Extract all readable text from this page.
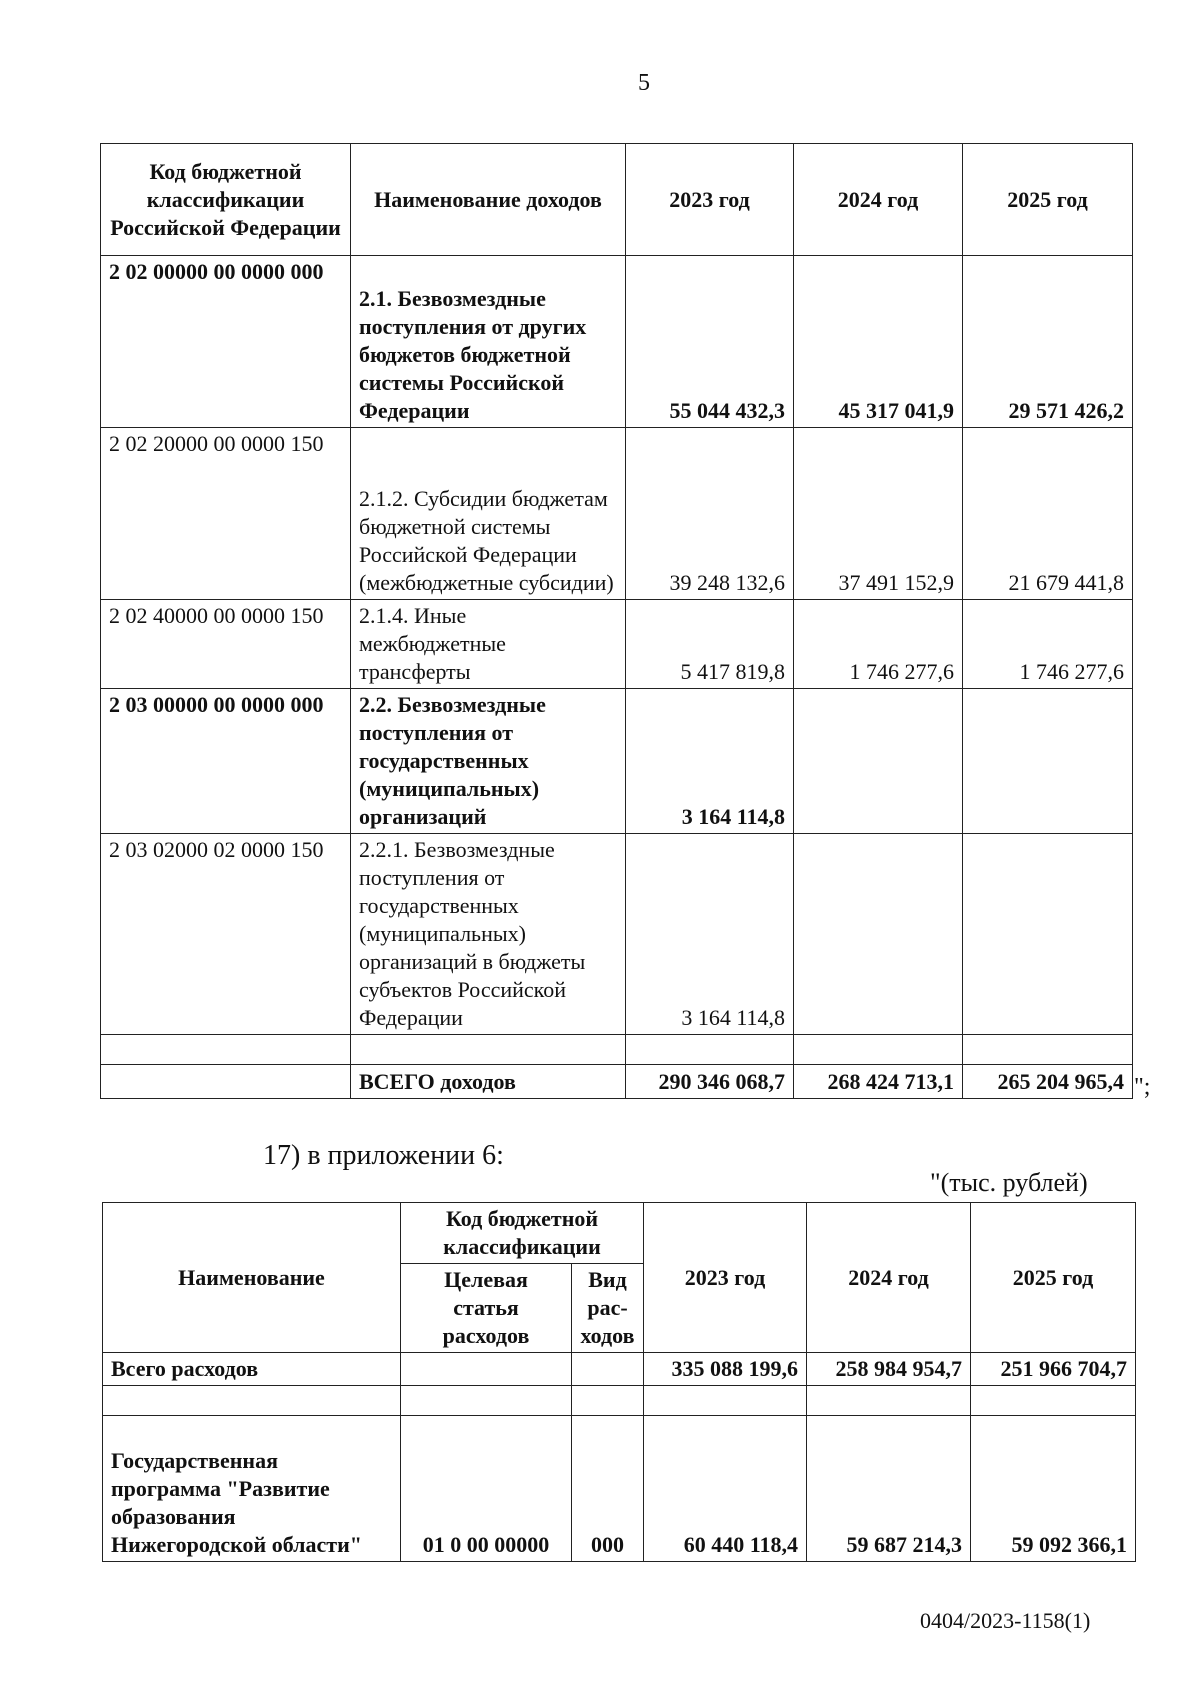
5
Код бюджетной классификации Российской Федерации	Наименование доходов	2023 год	2024 год	2025 год
2 02 00000 00 0000 000	2.1. Безвозмездные поступления от других бюджетов бюджетной системы Российской Федерации	55 044 432,3	45 317 041,9	29 571 426,2
2 02 20000 00 0000 150	2.1.2. Субсидии бюджетам бюджетной системы Российской Федерации (межбюджетные субсидии)	39 248 132,6	37 491 152,9	21 679 441,8
2 02 40000 00 0000 150	2.1.4. Иные межбюджетные трансферты	5 417 819,8	1 746 277,6	1 746 277,6
2 03 00000 00 0000 000	2.2. Безвозмездные поступления от государственных (муниципальных) организаций	3 164 114,8		
2 03 02000 02 0000 150	2.2.1. Безвозмездные поступления от государственных (муниципальных) организаций в бюджеты субъектов Российской Федерации	3 164 114,8		

	ВСЕГО доходов	290 346 068,7	268 424 713,1	265 204 965,4 ";
17) в приложении 6:
"(тыс. рублей)
Наименование	Код бюджетной классификации		2023 год	2024 год	2025 год
	Целевая статья расходов	Вид рас-ходов			
Всего расходов			335 088 199,6	258 984 954,7	251 966 704,7

Государственная программа "Развитие образования Нижегородской области"	01 0 00 00000	000	60 440 118,4	59 687 214,3	59 092 366,1
0404/2023-1158(1)
